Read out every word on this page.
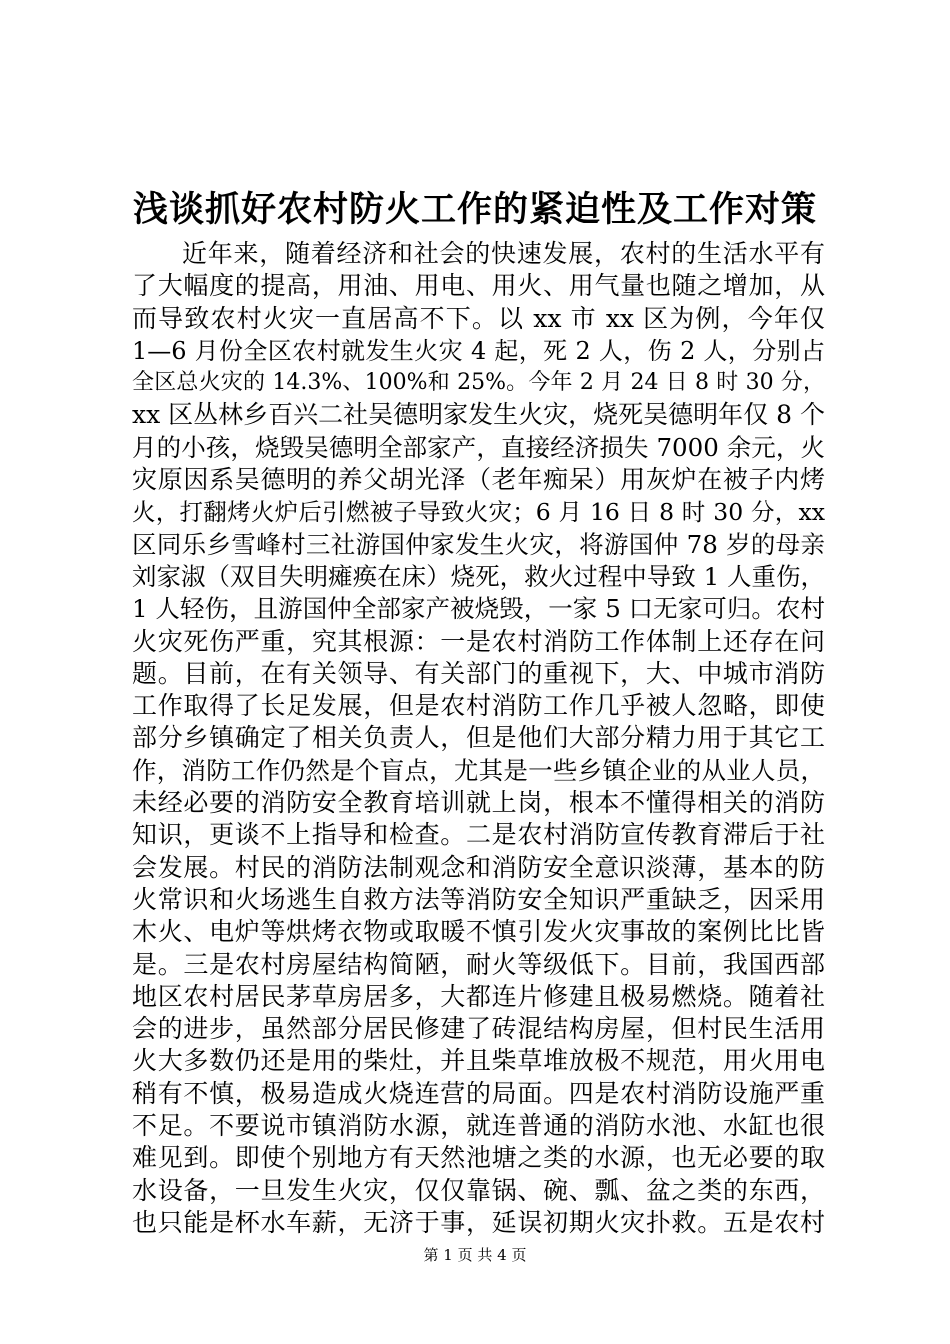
浅谈抓好农村防火工作的紧迫性及工作对策
近年来，随着经济和社会的快速发展，农村的生活水平有
了大幅度的提高，用油、用电、用火、用气量也随之增加，从
而导致农村火灾一直居高不下。以 xx 市 xx 区为例，今年仅
1—6 月份全区农村就发生火灾 4 起，死 2 人，伤 2 人，分别占
全区总火灾的 14.3%、100%和 25%。今年 2 月 24 日 8 时 30 分，
xx 区丛林乡百兴二社吴德明家发生火灾，烧死吴德明年仅 8 个
月的小孩，烧毁吴德明全部家产，直接经济损失 7000 余元，火
灾原因系吴德明的养父胡光泽（老年痴呆）用灰炉在被子内烤
火，打翻烤火炉后引燃被子导致火灾；6 月 16 日 8 时 30 分，xx
区同乐乡雪峰村三社游国仲家发生火灾，将游国仲 78 岁的母亲
刘家淑（双目失明瘫痪在床）烧死，救火过程中导致 1 人重伤，
1 人轻伤，且游国仲全部家产被烧毁，一家 5 口无家可归。农村
火灾死伤严重，究其根源：一是农村消防工作体制上还存在问
题。目前，在有关领导、有关部门的重视下，大、中城市消防
工作取得了长足发展，但是农村消防工作几乎被人忽略，即使
部分乡镇确定了相关负责人，但是他们大部分精力用于其它工
作，消防工作仍然是个盲点，尤其是一些乡镇企业的从业人员，
未经必要的消防安全教育培训就上岗，根本不懂得相关的消防
知识，更谈不上指导和检查。二是农村消防宣传教育滞后于社
会发展。村民的消防法制观念和消防安全意识淡薄，基本的防
火常识和火场逃生自救方法等消防安全知识严重缺乏，因采用
木火、电炉等烘烤衣物或取暖不慎引发火灾事故的案例比比皆
是。三是农村房屋结构简陋，耐火等级低下。目前，我国西部
地区农村居民茅草房居多，大都连片修建且极易燃烧。随着社
会的进步，虽然部分居民修建了砖混结构房屋，但村民生活用
火大多数仍还是用的柴灶，并且柴草堆放极不规范，用火用电
稍有不慎，极易造成火烧连营的局面。四是农村消防设施严重
不足。不要说市镇消防水源，就连普通的消防水池、水缸也很
难见到。即使个别地方有天然池塘之类的水源，也无必要的取
水设备，一旦发生火灾，仅仅靠锅、碗、瓢、盆之类的东西，
也只能是杯水车薪，无济于事，延误初期火灾扑救。五是农村
第 1 页 共 4 页
